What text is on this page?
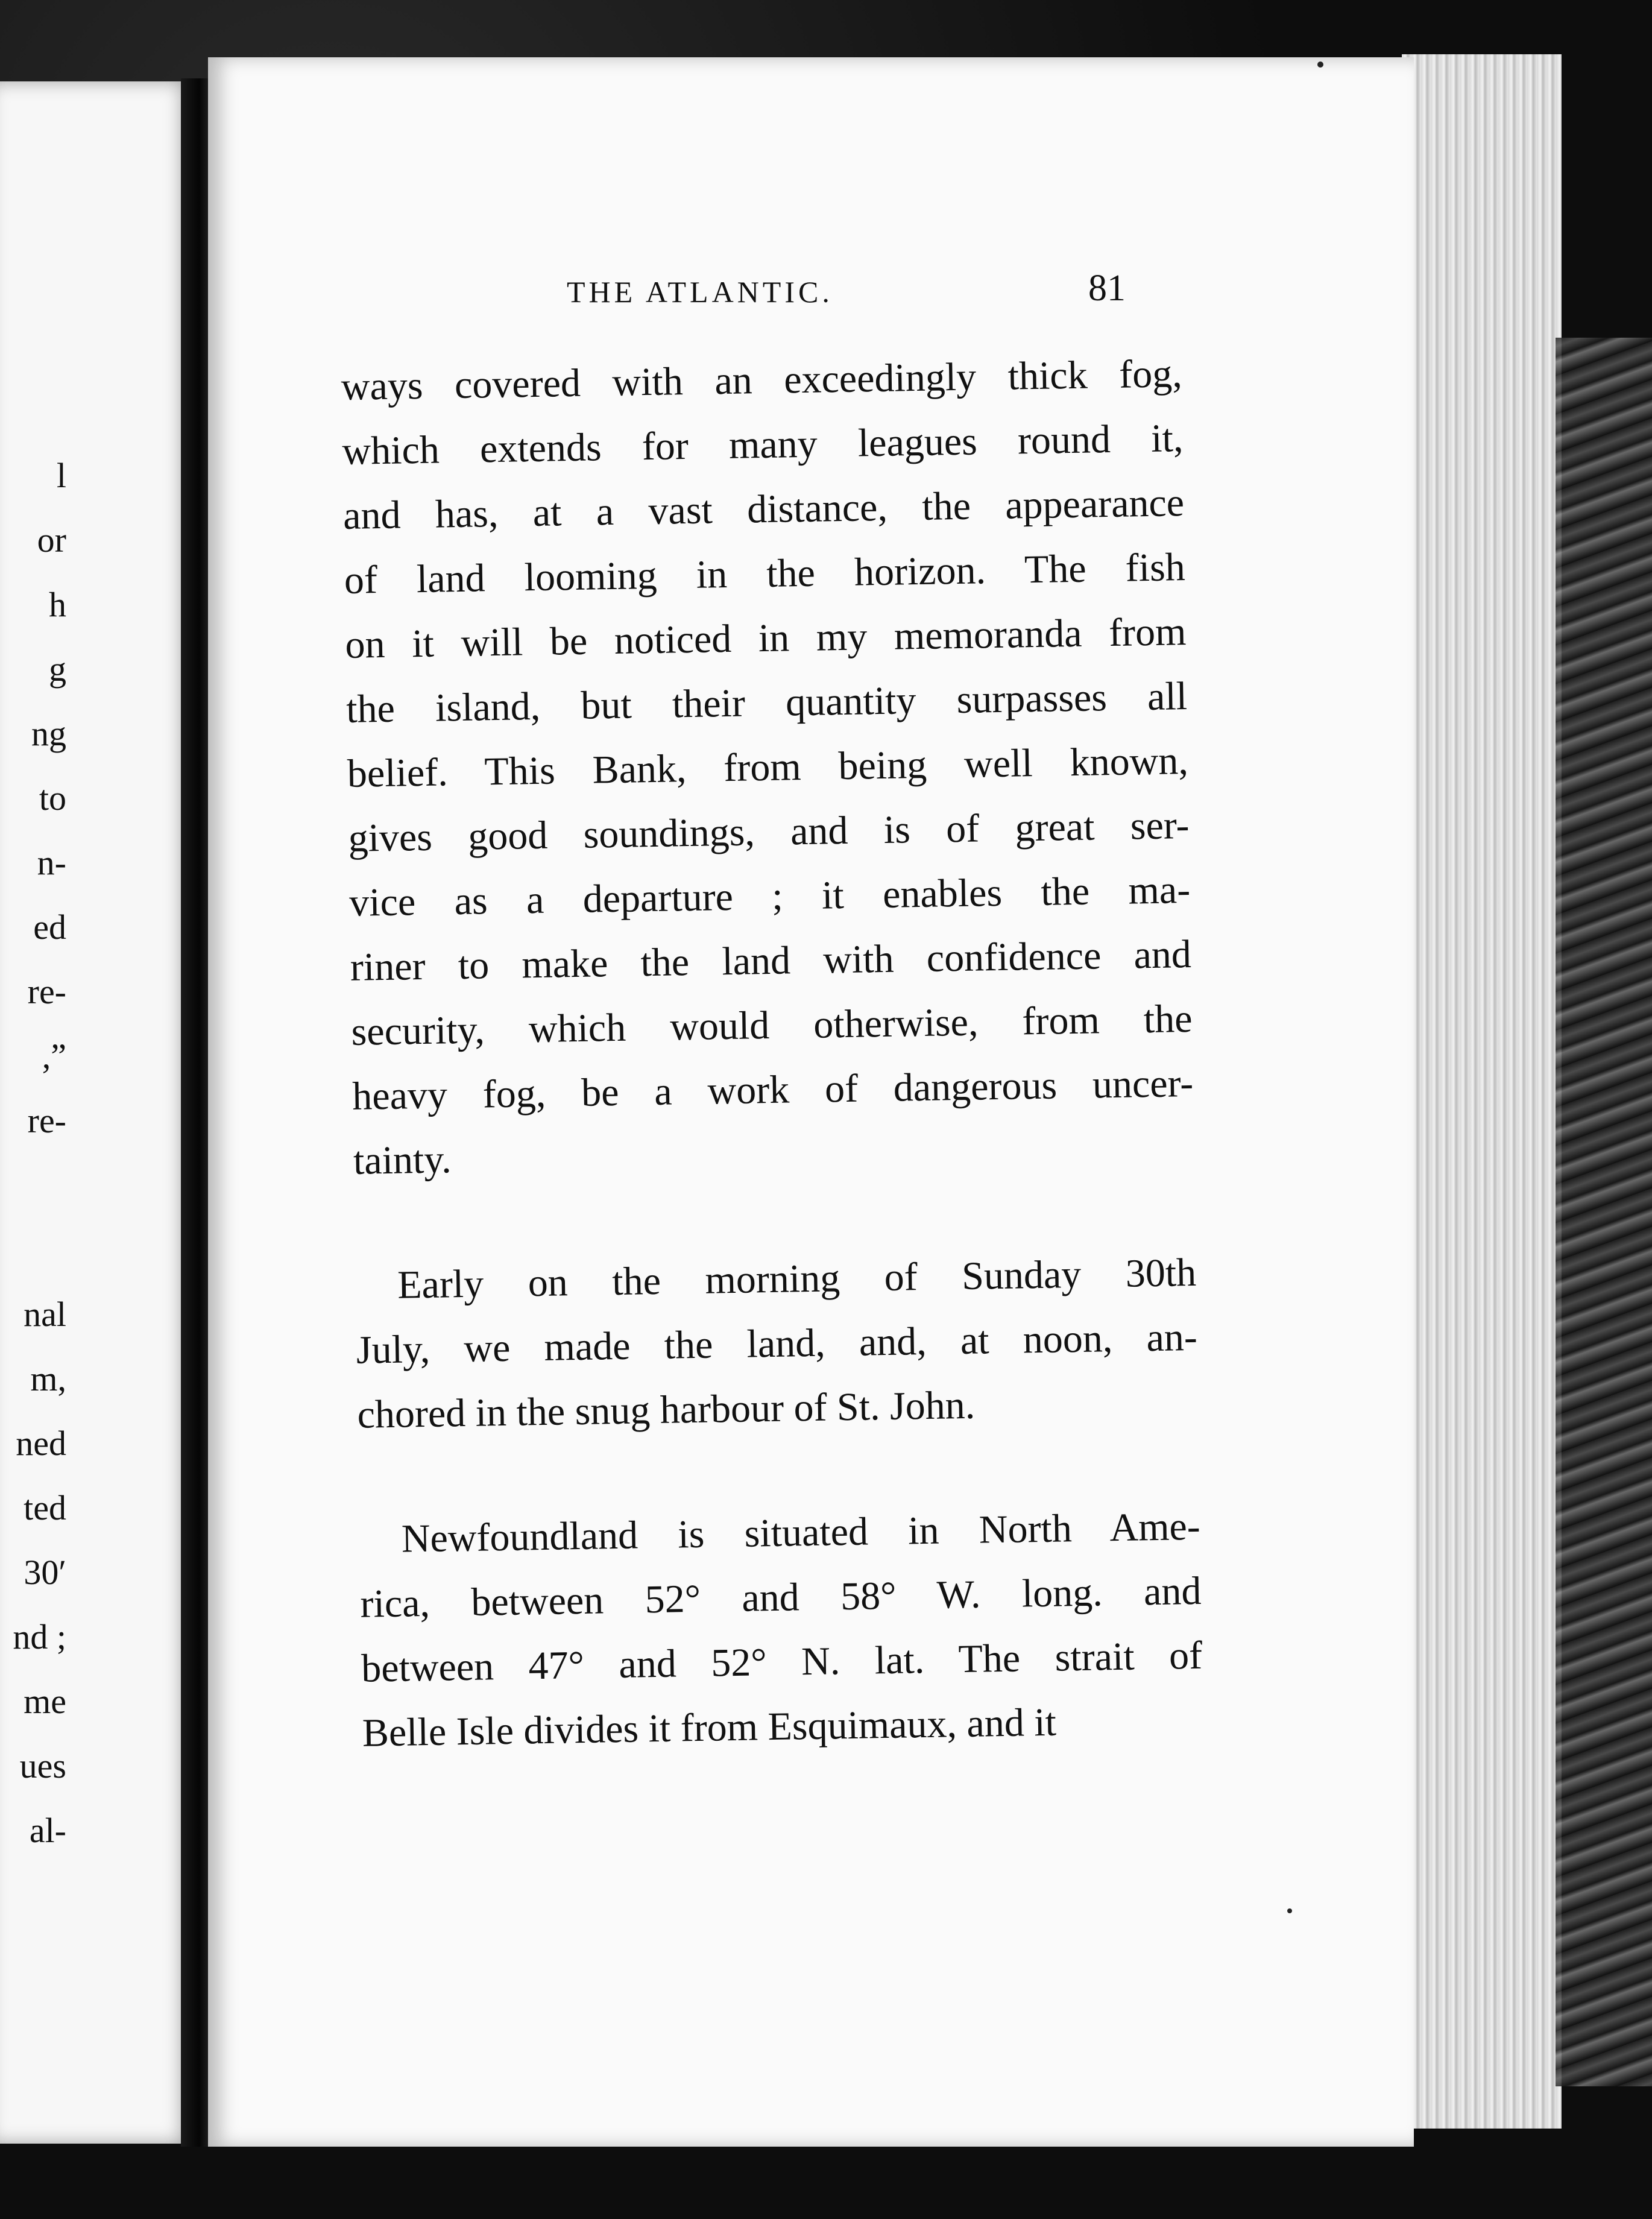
l
or
h
g
ng
to
n-
ed
re-
,”
re-
nal
m,
ned
ted
30′
nd ;
me
ues
al-
THE ATLANTIC.	81
ways covered with an exceedingly thick fog,
which extends for many leagues round it,
and has, at a vast distance, the appearance
of land looming in the horizon. The fish
on it will be noticed in my memoranda from
the island, but their quantity surpasses all
belief. This Bank, from being well known,
gives good soundings, and is of great ser-
vice as a departure ; it enables the ma-
riner to make the land with confidence and
security, which would otherwise, from the
heavy fog, be a work of dangerous uncer-
tainty.
Early on the morning of Sunday 30th
July, we made the land, and, at noon, an-
chored in the snug harbour of St. John.
Newfoundland is situated in North Ame-
rica, between 52° and 58° W. long. and
between 47° and 52° N. lat. The strait of
Belle Isle divides it from Esquimaux, and it
